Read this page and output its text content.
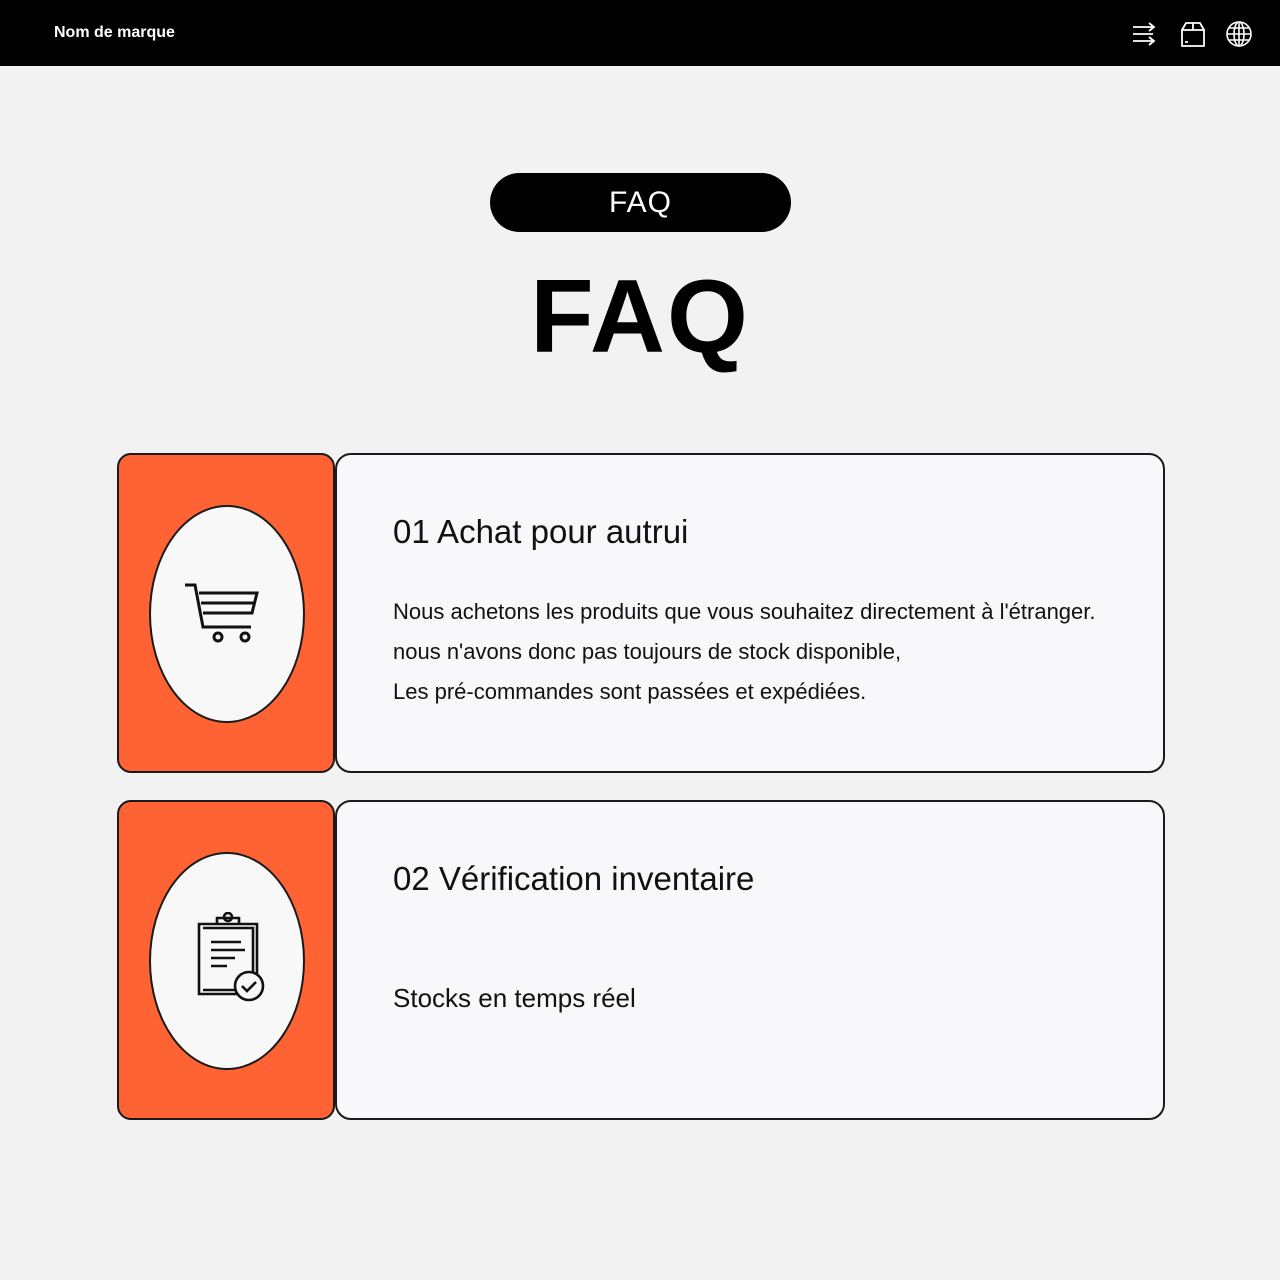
Nom de marque
FAQ
FAQ
01 Achat pour autrui
Nous achetons les produits que vous souhaitez directement à l'étranger.
nous n'avons donc pas toujours de stock disponible,
Les pré-commandes sont passées et expédiées.
02 Vérification inventaire
Stocks en temps réel
